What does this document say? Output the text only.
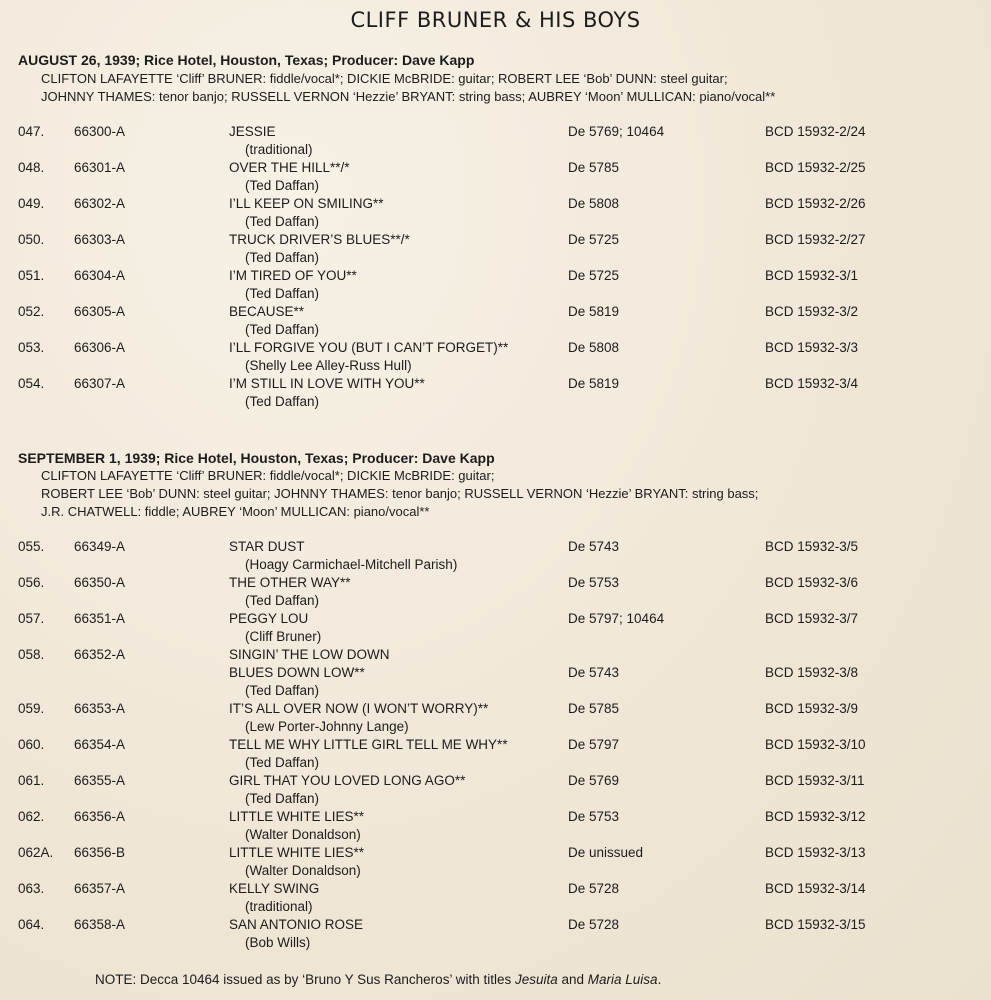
CLIFF BRUNER & HIS BOYS
AUGUST 26, 1939; Rice Hotel, Houston, Texas; Producer: Dave Kapp
CLIFTON LAFAYETTE ‘Cliff’ BRUNER: fiddle/vocal*; DICKIE McBRIDE: guitar; ROBERT LEE ‘Bob’ DUNN: steel guitar;
JOHNNY THAMES: tenor banjo; RUSSELL VERNON ‘Hezzie’ BRYANT: string bass; AUBREY ‘Moon’ MULLICAN: piano/vocal**
047. 66300-A	JESSIE
(traditional)
De 5769; 10464	BCD 15932-2/24
048. 66301-A	OVER THE HILL**/*
(Ted Daffan)
De 5785	BCD 15932-2/25
049. 66302-A	I’LL KEEP ON SMILING**
(Ted Daffan)
De 5808	BCD 15932-2/26
050. 66303-A	TRUCK DRIVER’S BLUES**/*
(Ted Daffan)
De 5725	BCD 15932-2/27
051. 66304-A	I’M TIRED OF YOU**
(Ted Daffan)
De 5725	BCD 15932-3/1
052. 66305-A	BECAUSE**
(Ted Daffan)
De 5819	BCD 15932-3/2
053. 66306-A	I’LL FORGIVE YOU (BUT I CAN’T FORGET)**
(Shelly Lee Alley-Russ Hull)
De 5808	BCD 15932-3/3
054. 66307-A	I’M STILL IN LOVE WITH YOU**
(Ted Daffan)
De 5819	BCD 15932-3/4
SEPTEMBER 1, 1939; Rice Hotel, Houston, Texas; Producer: Dave Kapp
CLIFTON LAFAYETTE ‘Cliff’ BRUNER: fiddle/vocal*; DICKIE McBRIDE: guitar;
ROBERT LEE ‘Bob’ DUNN: steel guitar; JOHNNY THAMES: tenor banjo; RUSSELL VERNON ‘Hezzie’ BRYANT: string bass;
J.R. CHATWELL: fiddle; AUBREY ‘Moon’ MULLICAN: piano/vocal**
055. 66349-A	STAR DUST
(Hoagy Carmichael-Mitchell Parish)
De 5743	BCD 15932-3/5
056. 66350-A	THE OTHER WAY**
(Ted Daffan)
De 5753	BCD 15932-3/6
057. 66351-A	PEGGY LOU
(Cliff Bruner)
De 5797; 10464	BCD 15932-3/7
058. 66352-A	SINGIN’ THE LOW DOWN
BLUES DOWN LOW**
(Ted Daffan)
De 5743	BCD 15932-3/8
059. 66353-A	IT’S ALL OVER NOW (I WON’T WORRY)**
(Lew Porter-Johnny Lange)
De 5785	BCD 15932-3/9
060. 66354-A	TELL ME WHY LITTLE GIRL TELL ME WHY**
(Ted Daffan)
De 5797	BCD 15932-3/10
061. 66355-A	GIRL THAT YOU LOVED LONG AGO**
(Ted Daffan)
De 5769	BCD 15932-3/11
062. 66356-A	LITTLE WHITE LIES**
(Walter Donaldson)
De 5753	BCD 15932-3/12
062A. 66356-B	LITTLE WHITE LIES**
(Walter Donaldson)
De unissued	BCD 15932-3/13
063. 66357-A	KELLY SWING
(traditional)
De 5728	BCD 15932-3/14
064. 66358-A	SAN ANTONIO ROSE
(Bob Wills)
De 5728	BCD 15932-3/15
NOTE: Decca 10464 issued as by ‘Bruno Y Sus Rancheros’ with titles Jesuita and Maria Luisa.
